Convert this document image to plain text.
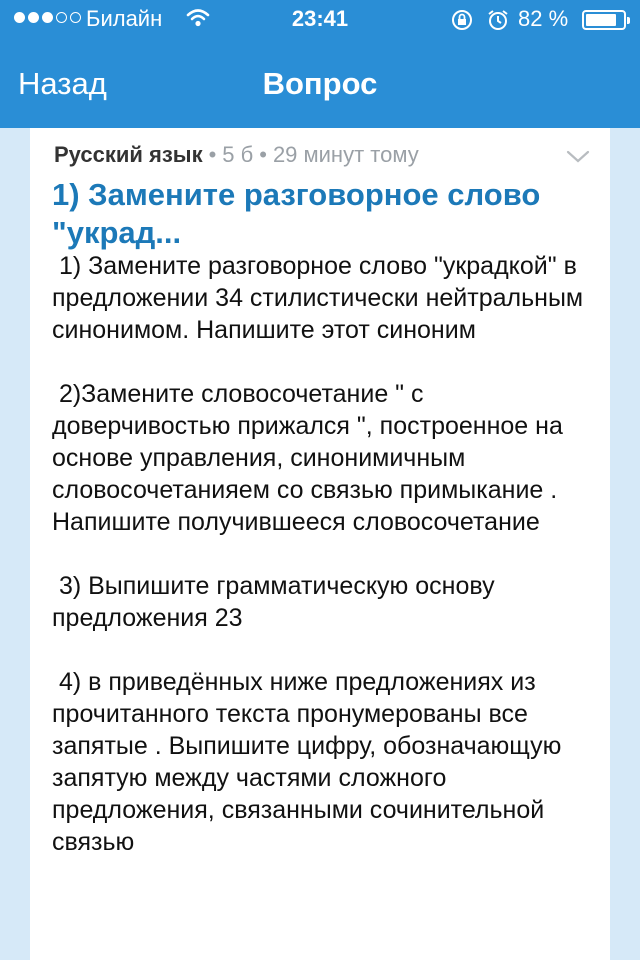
Билайн	23:41	82 %
Назад	Вопрос
Русский язык • 5 б • 29 минут тому
1) Замените разговорное слово "украд...
1) Замените разговорное слово "украдкой" в предложении 34 стилистически нейтральным синонимом. Напишите этот синоним

2)Замените словосочетание " с доверчивостью прижался ", построенное на основе управления, синонимичным словосочетанияем со связью примыкание . Напишите получившееся словосочетание

3) Выпишите грамматическую основу предложения 23

4) в приведённых ниже предложениях из прочитанного текста пронумерованы все запятые . Выпишите цифру, обозначающую запятую между частями сложного предложения, связанными сочинительной связью
